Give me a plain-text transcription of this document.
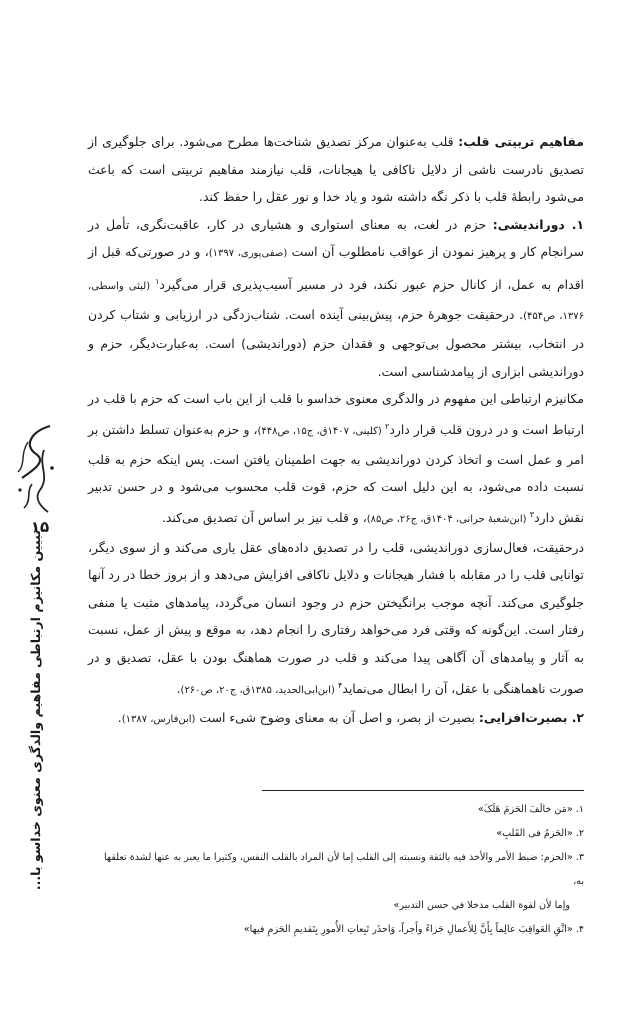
۱۵
تبیین مکانیزم ارتباطی مفاهیم والدگری معنوی خداسو با...

مفاهیم تربیتی قلب: قلب به‌عنوان مرکز تصدیق شناخت‌ها مطرح می‌شود. برای جلوگیری از تصدیق نادرست ناشی از دلایل ناکافی یا هیجانات، قلب نیازمند مفاهیم تربیتی است که باعث می‌شود رابطهٔ قلب با ذکر نگه داشته شود و یاد خدا و نور عقل را حفظ کند.

۱. دوراندیشی: حزم در لغت، به معنای استواری و هشیاری در کار، عاقبت‌نگری، تأمل در سرانجام کار و پرهیز نمودن از عواقب نامطلوب آن است (صفی‌پوری، ۱۳۹۷)، و در صورتی‌که قبل از اقدام به عمل، از کانال حزم عبور نکند، فرد در مسیر آسیب‌پذیری قرار می‌گیرد$^۱$ (لیثی واسطی، ۱۳۷۶، ص۴۵۴). درحقیقت جوهرهٔ حزم، پیش‌بینی آینده است. شتاب‌زدگی در ارزیابی و شتاب کردن در انتخاب، بیشتر محصول بی‌توجهی و فقدان حزم (دوراندیشی) است. به‌عبارت‌دیگر، حزم و دوراندیشی ابزاری از پیامدشناسی است.

مکانیزم ارتباطی این مفهوم در والدگری معنوی خداسو با قلب از این باب است که حزم با قلب در ارتباط است و در درون قلب قرار دارد$^۲$ (کلینی، ۱۴۰۷ق، ج۱۵، ص۴۴۸)، و حزم به‌عنوان تسلط داشتن بر امر و عمل است و اتخاذ کردن دوراندیشی به جهت اطمینان یافتن است. پس اینکه حزم به قلب نسبت داده می‌شود، به این دلیل است که حزم، قوت قلب محسوب می‌شود و در حسن تدبیر نقش دارد$^۳$ (ابن‌شعبهٔ حرانی، ۱۴۰۴ق، ج۲۶، ص۸۵)، و قلب نیز بر اساس آن تصدیق می‌کند.

درحقیقت، فعال‌سازی دوراندیشی، قلب را در تصدیق داده‌های عقل یاری می‌کند و از سوی دیگر، توانایی قلب را در مقابله با فشار هیجانات و دلایل ناکافی افزایش می‌دهد و از بروز خطا در رد آنها جلوگیری می‌کند. آنچه موجب برانگیختن حزم در وجود انسان می‌گردد، پیامدهای مثبت یا منفی رفتار است. این‌گونه که وقتی فرد می‌خواهد رفتاری را انجام دهد، به موقع و پیش از عمل، نسبت به آثار و پیامدهای آن آگاهی پیدا می‌کند و قلب در صورت هماهنگ بودن با عقل، تصدیق و در صورت ناهماهنگی با عقل، آن را ابطال می‌نماید$^۴$ (ابن‌ابی‌الحدید، ۱۳۸۵ق، ج۲۰، ص۲۶۰).

۲. بصیرت‌افزایی: بصیرت از بصر، و اصل آن به معنای وضوح شیء است (ابن‌فارس، ۱۳۸۷).

۱. «مَن خالَفَ الحَزمَ هَلَکَ»

۲. «الحَزمُ فی القَلبِ»

۳. «الحزم: ضبط الأمر والأخذ فیه بالثقة ونسبته إلى القلب إما لأن المراد بالقلب النفس، وكثیرا ما یعبر به عنها لشدة تعلقها به،

وإما لأن لقوة القلب مدخلا في حسن التدبير»

۴. «اتَّقِ العَواقِبَ عالِماً بِأَنَّ لِلأَعمالِ جَزاءً وأَجراً، وَاحذَر تَبِعاتِ الأُمورِ بِتَقدیمِ الحَزمِ فیها»
